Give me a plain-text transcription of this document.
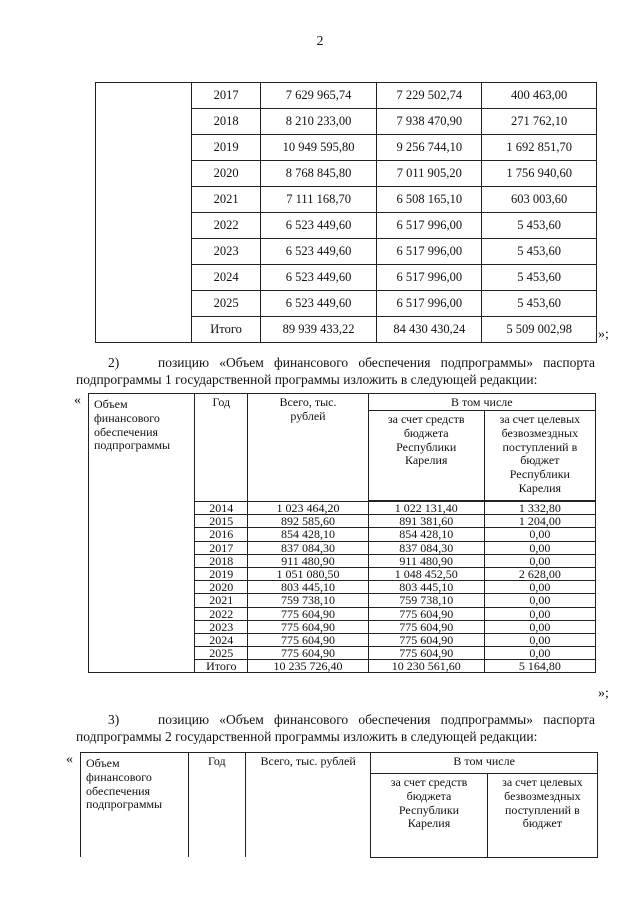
2
	2017	7 629 965,74	7 229 502,74	400 463,00
	2018	8 210 233,00	7 938 470,90	271 762,10
	2019	10 949 595,80	9 256 744,10	1 692 851,70
	2020	8 768 845,80	7 011 905,20	1 756 940,60
	2021	7 111 168,70	6 508 165,10	603 003,60
	2022	6 523 449,60	6 517 996,00	5 453,60
	2023	6 523 449,60	6 517 996,00	5 453,60
	2024	6 523 449,60	6 517 996,00	5 453,60
	2025	6 523 449,60	6 517 996,00	5 453,60
	Итого	89 939 433,22	84 430 430,24	5 509 002,98 »;
2)	позицию «Объем финансового обеспечения подпрограммы» паспорта
подпрограммы 1 государственной программы изложить в следующей редакции:
« Объем финансового обеспечения подпрограммы	Год	Всего, тыс. рублей	В том числе	
			за счет средств бюджета Республики Карелия	за счет целевых безвозмездных поступлений в бюджет Республики Карелия

	2014	1 023 464,20	1 022 131,40	1 332,80
	2015	892 585,60	891 381,60	1 204,00
	2016	854 428,10	854 428,10	0,00
	2017	837 084,30	837 084,30	0,00
	2018	911 480,90	911 480,90	0,00
	2019	1 051 080,50	1 048 452,50	2 628,00
	2020	803 445,10	803 445,10	0,00
	2021	759 738,10	759 738,10	0,00
	2022	775 604,90	775 604,90	0,00
	2023	775 604,90	775 604,90	0,00
	2024	775 604,90	775 604,90	0,00
	2025	775 604,90	775 604,90	0,00
	Итого	10 235 726,40	10 230 561,60	5 164,80
»;
3)	позицию «Объем финансового обеспечения подпрограммы» паспорта
подпрограммы 2 государственной программы изложить в следующей редакции:
« Объем финансового обеспечения подпрограммы	Год	Всего, тыс. рублей	В том числе	
			за счет средств бюджета Республики Карелия	за счет целевых безвозмездных поступлений в бюджет
